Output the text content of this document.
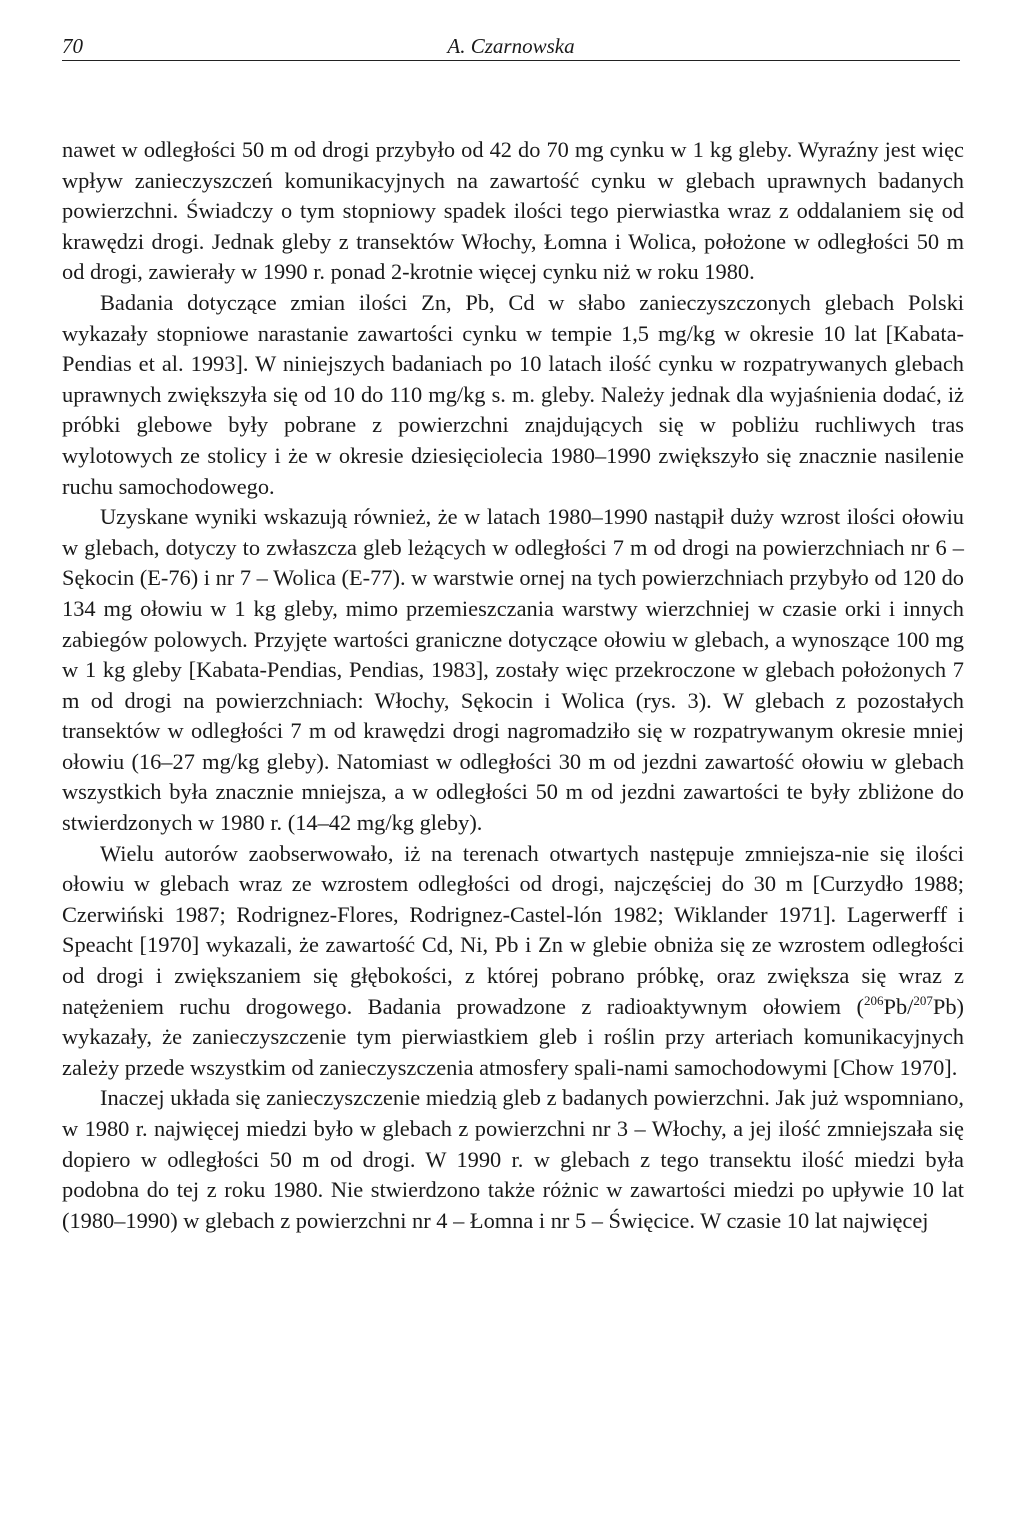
70	A. Czarnowska

nawet w odległości 50 m od drogi przybyło od 42 do 70 mg cynku w 1 kg gleby. Wyraźny jest więc wpływ zanieczyszczeń komunikacyjnych na zawartość cynku w glebach uprawnych badanych powierzchni. Świadczy o tym stopniowy spadek ilości tego pierwiastka wraz z oddalaniem się od krawędzi drogi. Jednak gleby z transektów Włochy, Łomna i Wolica, położone w odległości 50 m od drogi, zawierały w 1990 r. ponad 2-krotnie więcej cynku niż w roku 1980.

Badania dotyczące zmian ilości Zn, Pb, Cd w słabo zanieczyszczonych glebach Polski wykazały stopniowe narastanie zawartości cynku w tempie 1,5 mg/kg w okresie 10 lat [Kabata-Pendias et al. 1993]. W niniejszych badaniach po 10 latach ilość cynku w rozpatrywanych glebach uprawnych zwiększyła się od 10 do 110 mg/kg s. m. gleby. Należy jednak dla wyjaśnienia dodać, iż próbki glebowe były pobrane z powierzchni znajdujących się w pobliżu ruchliwych tras wylotowych ze stolicy i że w okresie dziesięciolecia 1980–1990 zwiększyło się znacznie nasilenie ruchu samochodowego.

Uzyskane wyniki wskazują również, że w latach 1980–1990 nastąpił duży wzrost ilości ołowiu w glebach, dotyczy to zwłaszcza gleb leżących w odległości 7 m od drogi na powierzchniach nr 6 – Sękocin (E-76) i nr 7 – Wolica (E-77). w warstwie ornej na tych powierzchniach przybyło od 120 do 134 mg ołowiu w 1 kg gleby, mimo przemieszczania warstwy wierzchniej w czasie orki i innych zabiegów polowych. Przyjęte wartości graniczne dotyczące ołowiu w glebach, a wynoszące 100 mg w 1 kg gleby [Kabata-Pendias, Pendias, 1983], zostały więc przekroczone w glebach położonych 7 m od drogi na powierzchniach: Włochy, Sękocin i Wolica (rys. 3). W glebach z pozostałych transektów w odległości 7 m od krawędzi drogi nagromadziło się w rozpatrywanym okresie mniej ołowiu (16–27 mg/kg gleby). Natomiast w odległości 30 m od jezdni zawartość ołowiu w glebach wszystkich była znacznie mniejsza, a w odległości 50 m od jezdni zawartości te były zbliżone do stwierdzonych w 1980 r. (14–42 mg/kg gleby).

Wielu autorów zaobserwowało, iż na terenach otwartych następuje zmniejsza-nie się ilości ołowiu w glebach wraz ze wzrostem odległości od drogi, najczęściej do 30 m [Curzydło 1988; Czerwiński 1987; Rodrignez-Flores, Rodrignez-Castel-lón 1982; Wiklander 1971]. Lagerwerff i Speacht [1970] wykazali, że zawartość Cd, Ni, Pb i Zn w glebie obniża się ze wzrostem odległości od drogi i zwiększaniem się głębokości, z której pobrano próbkę, oraz zwiększa się wraz z natężeniem ruchu drogowego. Badania prowadzone z radioaktywnym ołowiem ($^{206}$Pb/$^{207}$Pb) wykazały, że zanieczyszczenie tym pierwiastkiem gleb i roślin przy arteriach komunikacyjnych zależy przede wszystkim od zanieczyszczenia atmosfery spali-nami samochodowymi [Chow 1970].

Inaczej układa się zanieczyszczenie miedzią gleb z badanych powierzchni. Jak już wspomniano, w 1980 r. najwięcej miedzi było w glebach z powierzchni nr 3 – Włochy, a jej ilość zmniejszała się dopiero w odległości 50 m od drogi. W 1990 r. w glebach z tego transektu ilość miedzi była podobna do tej z roku 1980. Nie stwierdzono także różnic w zawartości miedzi po upływie 10 lat (1980–1990) w glebach z powierzchni nr 4 – Łomna i nr 5 – Święcice. W czasie 10 lat najwięcej
